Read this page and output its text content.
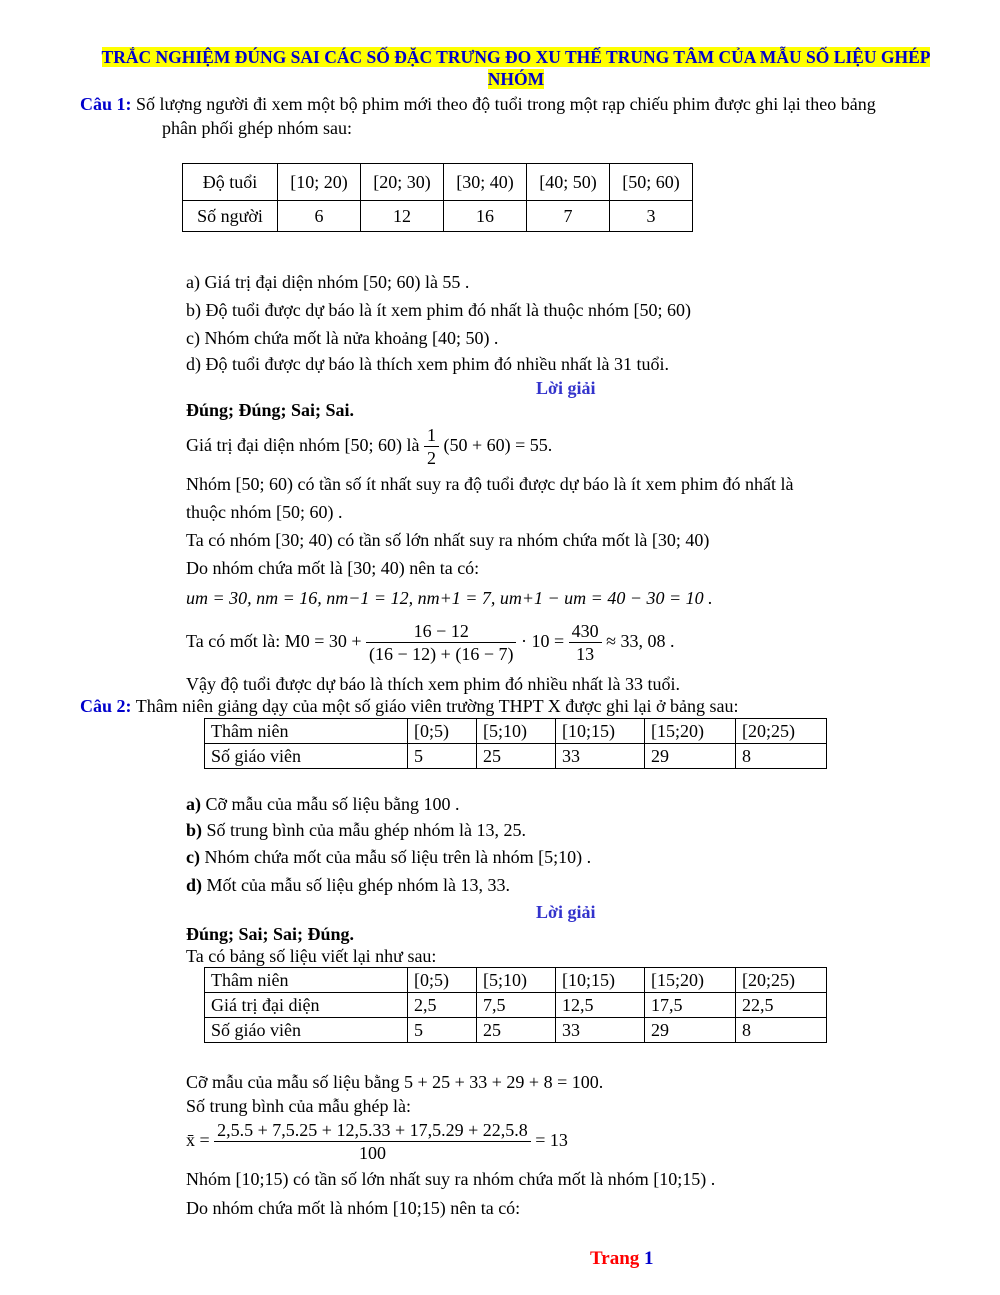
TRẮC NGHIỆM ĐÚNG SAI CÁC SỐ ĐẶC TRƯNG ĐO XU THẾ TRUNG TÂM CỦA MẪU SỐ LIỆU GHÉP NHÓM
Câu 1: Số lượng người đi xem một bộ phim mới theo độ tuổi trong một rạp chiếu phim được ghi lại theo bảng
phân phối ghép nhóm sau:
Độ tuổi	[10; 20)	[20; 30)	[30; 40)	[40; 50)	[50; 60)
Số người	6	12	16	7	3
a) Giá trị đại diện nhóm [50; 60) là 55 .
b) Độ tuổi được dự báo là ít xem phim đó nhất là thuộc nhóm [50; 60)
c) Nhóm chứa mốt là nửa khoảng [40; 50) .
d) Độ tuổi được dự báo là thích xem phim đó nhiều nhất là 31 tuổi.
Lời giải
Đúng; Đúng; Sai; Sai.
Giá trị đại diện nhóm [50; 60) là $\frac{1}{2} (50 + 60) = 55$.
Nhóm [50; 60) có tần số ít nhất suy ra độ tuổi được dự báo là ít xem phim đó nhất là
thuộc nhóm [50; 60) .
Ta có nhóm [30; 40) có tần số lớn nhất suy ra nhóm chứa mốt là [30; 40)
Do nhóm chứa mốt là [30; 40) nên ta có:
um = 30, nm = 16, nm−1 = 12, nm+1 = 7, um+1 − um = 40 − 30 = 10 .
Ta có mốt là: $M0 = 30 + \frac{16 - 12}{(16 - 12) + (16 - 7)} \cdot 10 = \frac{430}{13} \approx 33$, 08 .
Vậy độ tuổi được dự báo là thích xem phim đó nhiều nhất là 33 tuổi.
Câu 2: Thâm niên giảng dạy của một số giáo viên trường THPT X được ghi lại ở bảng sau:
Thâm niên	[0;5)	[5;10)	[10;15)	[15;20)	[20;25)
Số giáo viên	5	25	33	29	8
a) Cỡ mẫu của mẫu số liệu bằng 100 .
b) Số trung bình của mẫu ghép nhóm là 13, 25.
c) Nhóm chứa mốt của mẫu số liệu trên là nhóm [5;10) .
d) Mốt của mẫu số liệu ghép nhóm là 13, 33.
Lời giải
Đúng; Sai; Sai; Đúng.
Ta có bảng số liệu viết lại như sau:
Thâm niên	[0;5)	[5;10)	[10;15)	[15;20)	[20;25)
Giá trị đại diện	2,5	7,5	12,5	17,5	22,5
Số giáo viên	5	25	33	29	8
Cỡ mẫu của mẫu số liệu bằng 5 + 25 + 33 + 29 + 8 = 100.
Số trung bình của mẫu ghép là:
x̄ = $\frac{2,5.5 + 7,5.25 + 12,5.33 + 17,5.29 + 22,5.8}{100} = 13$
Nhóm [10;15) có tần số lớn nhất suy ra nhóm chứa mốt là nhóm [10;15) .
Do nhóm chứa mốt là nhóm [10;15) nên ta có:
Trang 1
